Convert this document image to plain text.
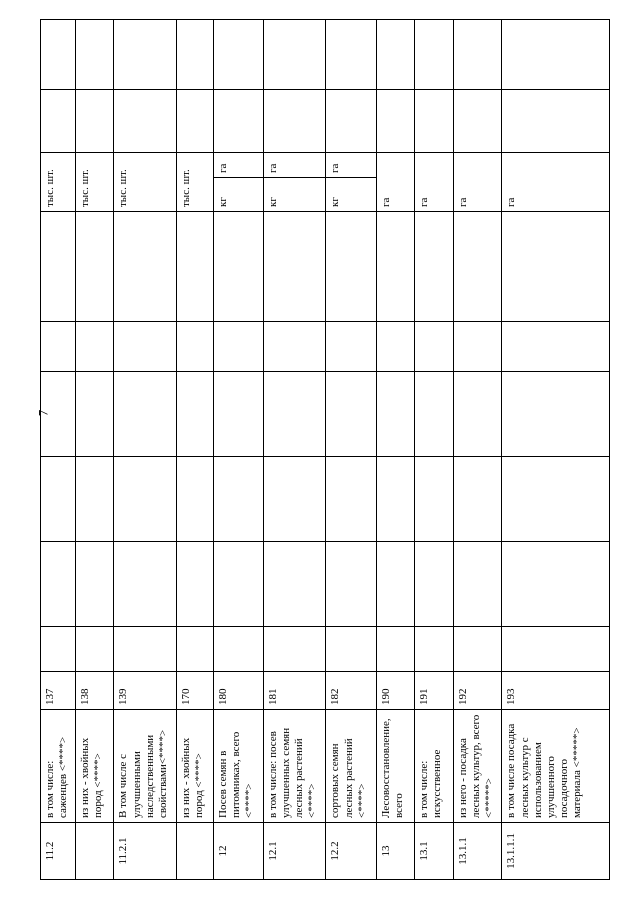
7
11.2	в том числе: саженцев <****>	137							тыс. шт.			
	из них - хвойных пород <****>	138							тыс. шт.			
11.2.1	В том числе с улучшенными наследственными свойствами<****>	139							тыс. шт.			
	из них - хвойных пород <****>	170							тыс. шт.			
12	Посев семян в питомниках, всего <****>	180							кг	га		
12.1	в том числе: посев улучшенных семян лесных растений <****>	181							кг	га		
12.2	сортовых семян лесных растений <****>	182							кг	га		
13	Лесовосстановление, всего	190							га			
13.1	в том числе: искусственное	191							га			
13.1.1	из него - посадка лесных культур, всего <*****>	192							га			
13.1.1.1	в том числе посадка лесных культур с использованием улучшенного посадочного материала <*****>	193							га			
